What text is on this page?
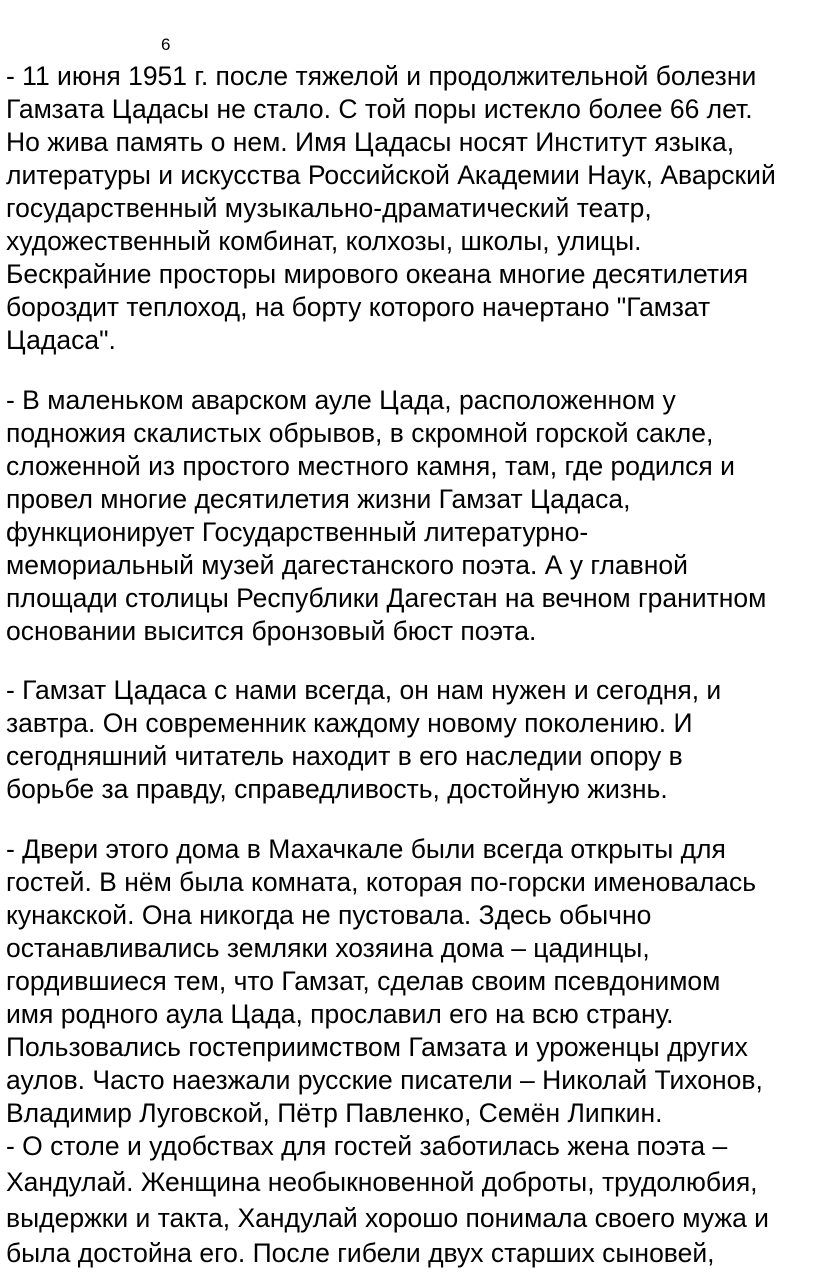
6
- 11 июня 1951 г. после тяжелой и продолжительной болезни
Гамзата Цадасы не стало. С той поры истекло более 66 лет.
Но жива память о нем. Имя Цадасы носят Институт языка,
литературы и искусства Российской Академии Наук, Аварский
государственный музыкально-драматический театр,
художественный комбинат, колхозы, школы, улицы.
Бескрайние просторы мирового океана многие десятилетия
бороздит теплоход, на борту которого начертано "Гамзат
Цадаса".
- В маленьком аварском ауле Цада, расположенном у
подножия скалистых обрывов, в скромной горской сакле,
сложенной из простого местного камня, там, где родился и
провел многие десятилетия жизни Гамзат Цадаса,
функционирует Государственный литературно-
мемориальный музей дагестанского поэта. А у главной
площади столицы Республики Дагестан на вечном гранитном
основании высится бронзовый бюст поэта.
- Гамзат Цадаса с нами всегда, он нам нужен и сегодня, и
завтра. Он современник каждому новому поколению. И
сегодняшний читатель находит в его наследии опору в
борьбе за правду, справедливость, достойную жизнь.
- Двери этого дома в Махачкале были всегда открыты для
гостей. В нём была комната, которая по-горски именовалась
кунакской. Она никогда не пустовала. Здесь обычно
останавливались земляки хозяина дома – цадинцы,
гордившиеся тем, что Гамзат, сделав своим псевдонимом
имя родного аула Цада, прославил его на всю страну.
Пользовались гостеприимством Гамзата и уроженцы других
аулов. Часто наезжали русские писатели – Николай Тихонов,
Владимир Луговской, Пётр Павленко, Семён Липкин.
- О столе и удобствах для гостей заботилась жена поэта –
Хандулай. Женщина необыкновенной доброты, трудолюбия,
выдержки и такта, Хандулай хорошо понимала своего мужа и
была достойна его. После гибели двух старших сыновей,
